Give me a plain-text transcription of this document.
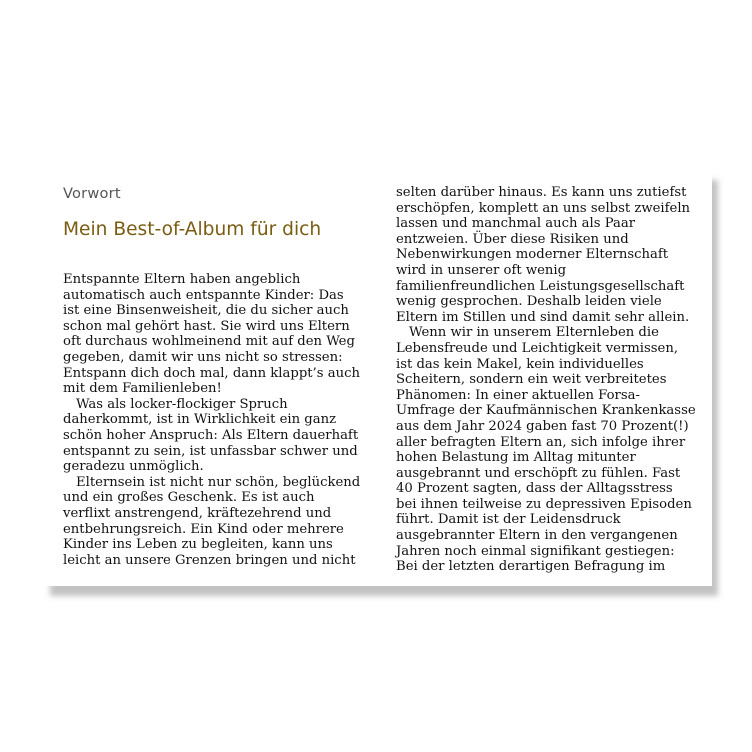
Vorwort
Mein Best-of-Album für dich
Entspannte Eltern haben angeblich
automatisch auch entspannte Kinder: Das
ist eine Binsenweisheit, die du sicher auch
schon mal gehört hast. Sie wird uns Eltern
oft durchaus wohlmeinend mit auf den Weg
gegeben, damit wir uns nicht so stressen:
Entspann dich doch mal, dann klappt’s auch
mit dem Familienleben!
Was als locker-flockiger Spruch
daherkommt, ist in Wirklichkeit ein ganz
schön hoher Anspruch: Als Eltern dauerhaft
entspannt zu sein, ist unfassbar schwer und
geradezu unmöglich.
Elternsein ist nicht nur schön, beglückend
und ein großes Geschenk. Es ist auch
verflixt anstrengend, kräftezehrend und
entbehrungsreich. Ein Kind oder mehrere
Kinder ins Leben zu begleiten, kann uns
leicht an unsere Grenzen bringen und nicht
selten darüber hinaus. Es kann uns zutiefst
erschöpfen, komplett an uns selbst zweifeln
lassen und manchmal auch als Paar
entzweien. Über diese Risiken und
Nebenwirkungen moderner Elternschaft
wird in unserer oft wenig
familienfreundlichen Leistungsgesellschaft
wenig gesprochen. Deshalb leiden viele
Eltern im Stillen und sind damit sehr allein.
Wenn wir in unserem Elternleben die
Lebensfreude und Leichtigkeit vermissen,
ist das kein Makel, kein individuelles
Scheitern, sondern ein weit verbreitetes
Phänomen: In einer aktuellen Forsa-
Umfrage der Kaufmännischen Krankenkasse
aus dem Jahr 2024 gaben fast 70 Prozent(!)
aller befragten Eltern an, sich infolge ihrer
hohen Belastung im Alltag mitunter
ausgebrannt und erschöpft zu fühlen. Fast
40 Prozent sagten, dass der Alltagsstress
bei ihnen teilweise zu depressiven Episoden
führt. Damit ist der Leidensdruck
ausgebrannter Eltern in den vergangenen
Jahren noch einmal signifikant gestiegen:
Bei der letzten derartigen Befragung im
